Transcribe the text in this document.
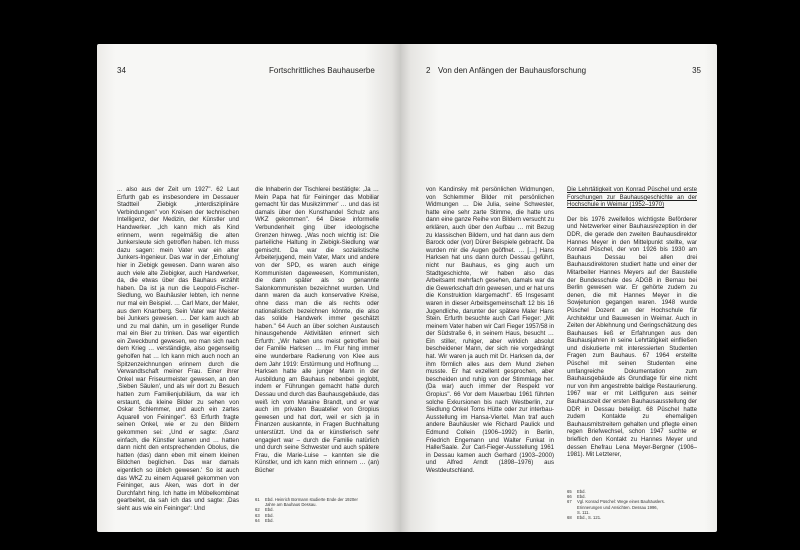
34	Fortschrittliches Bauhauserbe

... also aus der Zeit um 1927". 62 Laut Erfurth gab es insbesondere im Dessauer Stadtteil Ziebigk „interdisziplinäre Verbindungen" von Kreisen der technischen Intelligenz, der Medizin, der Künstler und Handwerker. „Ich kann mich als Kind erinnern, wenn regelmäßig die alten Junkersleute sich getroffen haben. Ich muss dazu sagen: mein Vater war ein alter Junkers-Ingenieur. Das war in der ‚Erholung' hier in Ziebigk gewesen. Dann waren also auch viele alte Ziebigker, auch Handwerker, da, die etwas über das Bauhaus erzählt haben. Da ist ja nun die Leopold-Fischer-Siedlung, wo Bauhäusler lebten, ich nenne nur mal ein Beispiel. … Carl Marx, der Maler, aus dem Knarrberg. Sein Vater war Meister bei Junkers gewesen. … Der kam auch ab und zu mal dahin, um in geselliger Runde mal ein Bier zu trinken. Das war eigentlich ein Zweckbund gewesen, wo man sich nach dem Krieg … verständigte, also gegenseitig geholfen hat … Ich kann mich auch noch an Spitzenzeichnungen erinnern durch die Verwandtschaft meiner Frau. Einer ihrer Onkel war Friseurmeister gewesen, an den ‚Sieben Säulen', und als wir dort zu Besuch hatten zum Familienjubiläum, da war ich erstaunt, da kleine Bilder zu sehen von Oskar Schlemmer, und auch ein zartes Aquarell von Feininger". 63 Erfurth fragte seinen Onkel, wie er zu den Bildern gekommen sei: „Und er sagte: ‚Ganz einfach, die Künstler kamen und … hatten dann nicht den entsprechenden Obolus, die hatten (das) dann eben mit einem kleinen Bildchen beglichen. Das war damals eigentlich so üblich gewesen.' So ist auch das WKZ zu einem Aquarell gekommen von Feininger, aus Aken, was dort in der Durchfahrt hing. Ich hatte im Möbelkombinat gearbeitet, da sah ich das und sagte: ‚Das sieht aus wie ein Feininger': Und

die Inhaberin der Tischlerei bestätigte: ‚Ja … Mein Papa hat für Feininger das Mobiliar gemacht für das Musikzimmer' … und das ist damals über den Kunsthandel Schulz ans WKZ gekommen". 64 Diese informelle Verbundenheit ging über ideologische Grenzen hinweg. „Was noch wichtig ist: Die parteiliche Haltung in Ziebigk-Siedlung war gemischt. Da war die sozialistische Arbeiterjugend, mein Vater, Marx und andere von der SPD, es waren auch einige Kommunisten dageweesen, Kommunisten, die dann später als so genannte Salonkommunisten bezeichnet wurden. Und dann waren da auch konservative Kreise, ohne dass man die als rechts oder nationalistisch bezeichnen könnte, die also das solide Handwerk immer geschätzt haben." 64 Auch an über solchen Austausch hinausgehende Aktivitäten erinnert sich Erfurth: „Wir haben uns meist getroffen bei der Familie Harksen … Im Flur hing immer eine wunderbare Radierung von Klee aus dem Jahr 1919: Erstürmung und Hoffnung … Harksen hatte alle junger Mann in der Ausbildung am Bauhaus nebenbei geglobt, indem er Führungen gemacht hatte durch Dessau und durch das Bauhausgebäude, das weiß ich vom Maraine Brandt, und er war auch im privaten Bauatelier von Gropius gewesen und hat dort, weil er sich ja in Finanzen auskannte, in Fragen Buchhaltung unterstützt. Und da er künstlerisch sehr engagiert war – durch die Familie natürlich und durch seine Schwester und auch spätere Frau, die Marie-Luise – kannten sie die Künstler, und ich kann mich erinnern … (an) Bücher

61 Ebd. Heinrich Bormann studierte Ende der 1920er
Jahre am Bauhaus Dessau.
62 Ebd.
63 Ebd.
64 Ebd.
2 Von den Anfängen der Bauhausforschung	35

von Kandinsky mit persönlichen Widmungen, von Schlemmer Bilder mit persönlichen Widmungen … Die Julia, seine Schwester, hatte eine sehr zarte Stimme, die hatte uns dann eine ganze Reihe von Bildern versucht zu erklären, auch über den Aufbau … mit Bezug zu klassischen Bildern, und hat dann aus dem Barock oder (vor) Dürer Beispiele gebracht. Da wurden mir die Augen geöffnet. … […] Hans Harksen hat uns dann durch Dessau geführt, nicht nur Bauhaus, es ging auch um Stadtgeschichte, wir haben also das Arbeitsamt mehrfach gesehen, damals war da die Gewerkschaft drin gewesen, und er hat uns die Konstruktion klargemacht". 65 Insgesamt waren in dieser Arbeitsgemeinschaft 12 bis 16 Jugendliche, darunter der spätere Maler Hans Stein. Erfurth besuchte auch Carl Fieger: „Mit meinem Vater haben wir Carl Fieger 1957/58 in der Südstraße 6, in seinem Haus, besucht … Ein stiller, ruhiger, aber wirklich absolut bescheidener Mann, der sich nie vorgedrängt hat. Wir waren ja auch mit Dr. Harksen da, der ihm förmlich alles aus dem Mund ziehen musste. Er hat exzellent gesprochen, aber bescheiden und ruhig von der Stimmlage her. (Da war) auch immer der Respekt vor Gropius". 66 Vor dem Mauerbau 1961 führten solche Exkursionen bis nach Westberlin, zur Siedlung Onkel Toms Hütte oder zur interbau-Ausstellung im Hansa-Viertel. Man traf auch andere Bauhäusler wie Richard Paulick und Edmund Collein (1906–1992) in Berlin, Friedrich Engemann und Walter Funkat in Halle/Saale. Zur Carl-Fieger-Ausstellung 1961 in Dessau kamen auch Gerhard (1903–2000) und Alfred Arndt (1898–1976) aus Westdeutschland.

Die Lehrtätigkeit von Konrad Püschel und erste Forschungen zur Bauhausgeschichte an der Hochschule in Weimar (1952–1970)

Der bis 1976 zweifellos wichtigste Beförderer und Netzwerker einer Bauhausrezeption in der DDR, die gerade den zweiten Bauhausdirektor Hannes Meyer in den Mittelpunkt stellte, war Konrad Püschel, der von 1926 bis 1930 am Bauhaus Dessau bei allen drei Bauhausdirektoren studiert hatte und einer der Mitarbeiter Hannes Meyers auf der Baustelle der Bundesschule des ADGB in Bernau bei Berlin gewesen war. Er gehörte zudem zu denen, die mit Hannes Meyer in die Sowjetunion gegangen waren. 1948 wurde Püschel Dozent an der Hochschule für Architektur und Bauwesen in Weimar. Auch in Zeiten der Ablehnung und Geringschätzung des Bauhauses ließ er Erfahrungen aus den Bauhausjahren in seine Lehrtätigkeit einfließen und diskutierte mit interessierten Studenten Fragen zum Bauhaus. 67 1964 erstellte Püschel mit seinen Studenten eine umfangreiche Dokumentation zum Bauhausgebäude als Grundlage für eine nicht nur von ihm angestrebte baldige Restaurierung. 1967 war er mit Leitfiguren aus seiner Bauhauszeit der ersten Bauhausausstellung der DDR in Dessau beteiligt. 68 Püschel hatte zudem Kontakte zu ehemaligen Bauhausmitstreitern gehalten und pflegte einen regen Briefwechsel, schon 1947 suchte er brieflich den Kontakt zu Hannes Meyer und dessen Ehefrau Lena Meyer-Bergner (1906–1981). Mit Letzterer,

65 Ebd.
66 Ebd.
67 Vgl. Konrad Püschel: Wege eines Bauhäuslers.
Erinnerungen und Ansichten. Dessau 1996,
S. 111.
68 Ebd., S. 121.
